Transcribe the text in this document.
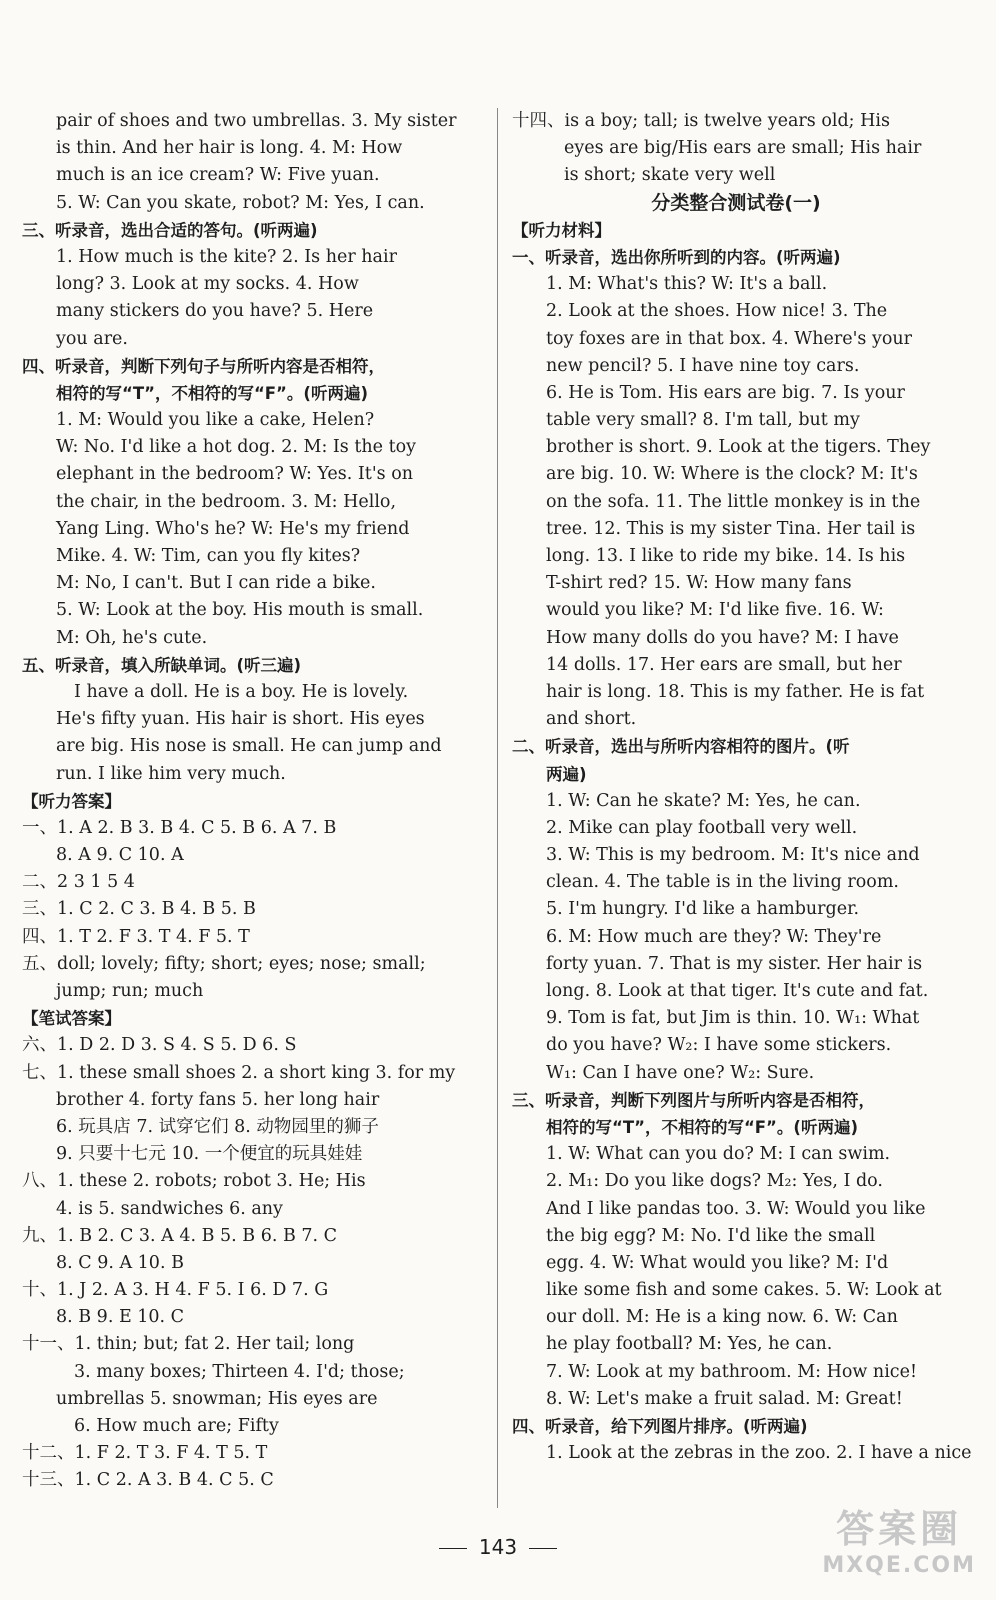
pair of shoes and two umbrellas. 3. My sister
is thin. And her hair is long. 4. M: How
much is an ice cream? W: Five yuan.
5. W: Can you skate, robot? M: Yes, I can.
三、听录音，选出合适的答句。(听两遍)
1. How much is the kite? 2. Is her hair
long? 3. Look at my socks. 4. How
many stickers do you have? 5. Here
you are.
四、听录音，判断下列句子与所听内容是否相符，
相符的写“T”，不相符的写“F”。(听两遍)
1. M: Would you like a cake, Helen?
W: No. I'd like a hot dog. 2. M: Is the toy
elephant in the bedroom? W: Yes. It's on
the chair, in the bedroom. 3. M: Hello,
Yang Ling. Who's he? W: He's my friend
Mike. 4. W: Tim, can you fly kites?
M: No, I can't. But I can ride a bike.
5. W: Look at the boy. His mouth is small.
M: Oh, he's cute.
五、听录音，填入所缺单词。(听三遍)
I have a doll. He is a boy. He is lovely.
He's fifty yuan. His hair is short. His eyes
are big. His nose is small. He can jump and
run. I like him very much.
【听力答案】
一、1. A 2. B 3. B 4. C 5. B 6. A 7. B
8. A 9. C 10. A
二、2 3 1 5 4
三、1. C 2. C 3. B 4. B 5. B
四、1. T 2. F 3. T 4. F 5. T
五、doll; lovely; fifty; short; eyes; nose; small;
jump; run; much
【笔试答案】
六、1. D 2. D 3. S 4. S 5. D 6. S
七、1. these small shoes 2. a short king 3. for my
brother 4. forty fans 5. her long hair
6. 玩具店 7. 试穿它们 8. 动物园里的狮子
9. 只要十七元 10. 一个便宜的玩具娃娃
八、1. these 2. robots; robot 3. He; His
4. is 5. sandwiches 6. any
九、1. B 2. C 3. A 4. B 5. B 6. B 7. C
8. C 9. A 10. B
十、1. J 2. A 3. H 4. F 5. I 6. D 7. G
8. B 9. E 10. C
十一、1. thin; but; fat 2. Her tail; long
3. many boxes; Thirteen 4. I'd; those;
umbrellas 5. snowman; His eyes are
6. How much are; Fifty
十二、1. F 2. T 3. F 4. T 5. T
十三、1. C 2. A 3. B 4. C 5. C
十四、is a boy; tall; is twelve years old; His
eyes are big/His ears are small; His hair
is short; skate very well
分类整合测试卷(一)
【听力材料】
一、听录音，选出你所听到的内容。(听两遍)
1. M: What's this? W: It's a ball.
2. Look at the shoes. How nice! 3. The
toy foxes are in that box. 4. Where's your
new pencil? 5. I have nine toy cars.
6. He is Tom. His ears are big. 7. Is your
table very small? 8. I'm tall, but my
brother is short. 9. Look at the tigers. They
are big. 10. W: Where is the clock? M: It's
on the sofa. 11. The little monkey is in the
tree. 12. This is my sister Tina. Her tail is
long. 13. I like to ride my bike. 14. Is his
T-shirt red? 15. W: How many fans
would you like? M: I'd like five. 16. W:
How many dolls do you have? M: I have
14 dolls. 17. Her ears are small, but her
hair is long. 18. This is my father. He is fat
and short.
二、听录音，选出与所听内容相符的图片。(听
两遍)
1. W: Can he skate? M: Yes, he can.
2. Mike can play football very well.
3. W: This is my bedroom. M: It's nice and
clean. 4. The table is in the living room.
5. I'm hungry. I'd like a hamburger.
6. M: How much are they? W: They're
forty yuan. 7. That is my sister. Her hair is
long. 8. Look at that tiger. It's cute and fat.
9. Tom is fat, but Jim is thin. 10. W₁: What
do you have? W₂: I have some stickers.
W₁: Can I have one? W₂: Sure.
三、听录音，判断下列图片与所听内容是否相符，
相符的写“T”，不相符的写“F”。(听两遍)
1. W: What can you do? M: I can swim.
2. M₁: Do you like dogs? M₂: Yes, I do.
And I like pandas too. 3. W: Would you like
the big egg? M: No. I'd like the small
egg. 4. W: What would you like? M: I'd
like some fish and some cakes. 5. W: Look at
our doll. M: He is a king now. 6. W: Can
he play football? M: Yes, he can.
7. W: Look at my bathroom. M: How nice!
8. W: Let's make a fruit salad. M: Great!
四、听录音，给下列图片排序。(听两遍)
1. Look at the zebras in the zoo. 2. I have a nice
143	答案圈
MXQE.COM
